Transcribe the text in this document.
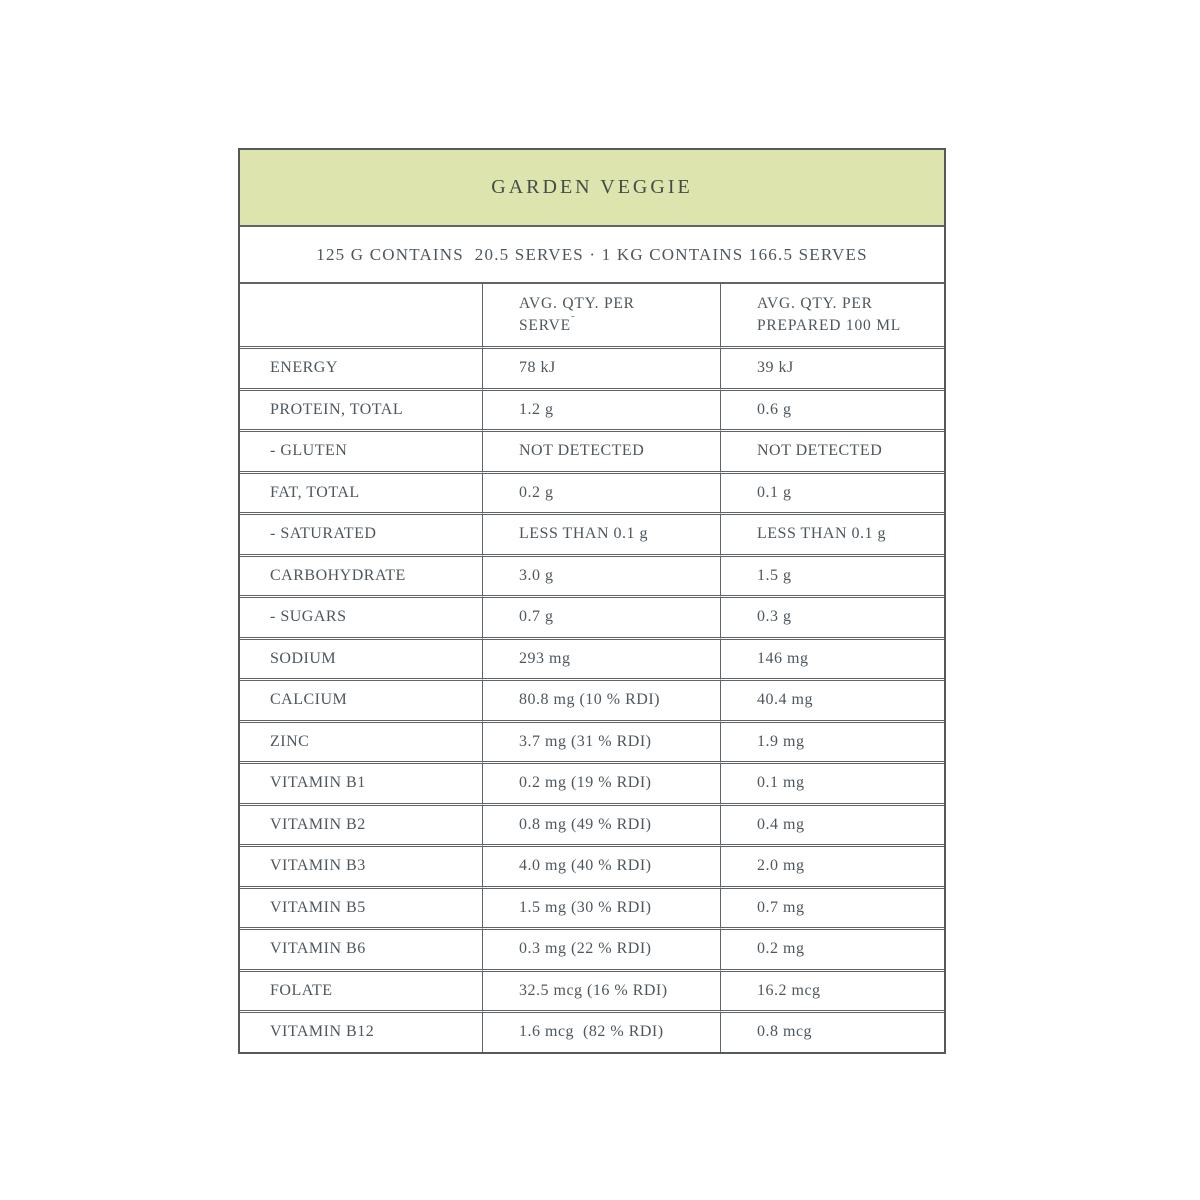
GARDEN VEGGIE
125 G CONTAINS  20.5 SERVES · 1 KG CONTAINS 166.5 SERVES
	AVG. QTY. PER SERVE˜	AVG. QTY. PER PREPARED 100 ML
ENERGY	78 kJ	39 kJ
PROTEIN, TOTAL	1.2 g	0.6 g
- GLUTEN	NOT DETECTED	NOT DETECTED
FAT, TOTAL	0.2 g	0.1 g
- SATURATED	LESS THAN 0.1 g	LESS THAN 0.1 g
CARBOHYDRATE	3.0 g	1.5 g
- SUGARS	0.7 g	0.3 g
SODIUM	293 mg	146 mg
CALCIUM	80.8 mg (10 % RDI)	40.4 mg
ZINC	3.7 mg (31 % RDI)	1.9 mg
VITAMIN B1	0.2 mg (19 % RDI)	0.1 mg
VITAMIN B2	0.8 mg (49 % RDI)	0.4 mg
VITAMIN B3	4.0 mg (40 % RDI)	2.0 mg
VITAMIN B5	1.5 mg (30 % RDI)	0.7 mg
VITAMIN B6	0.3 mg (22 % RDI)	0.2 mg
FOLATE	32.5 mcg (16 % RDI)	16.2 mcg
VITAMIN B12	1.6 mcg  (82 % RDI)	0.8 mcg
